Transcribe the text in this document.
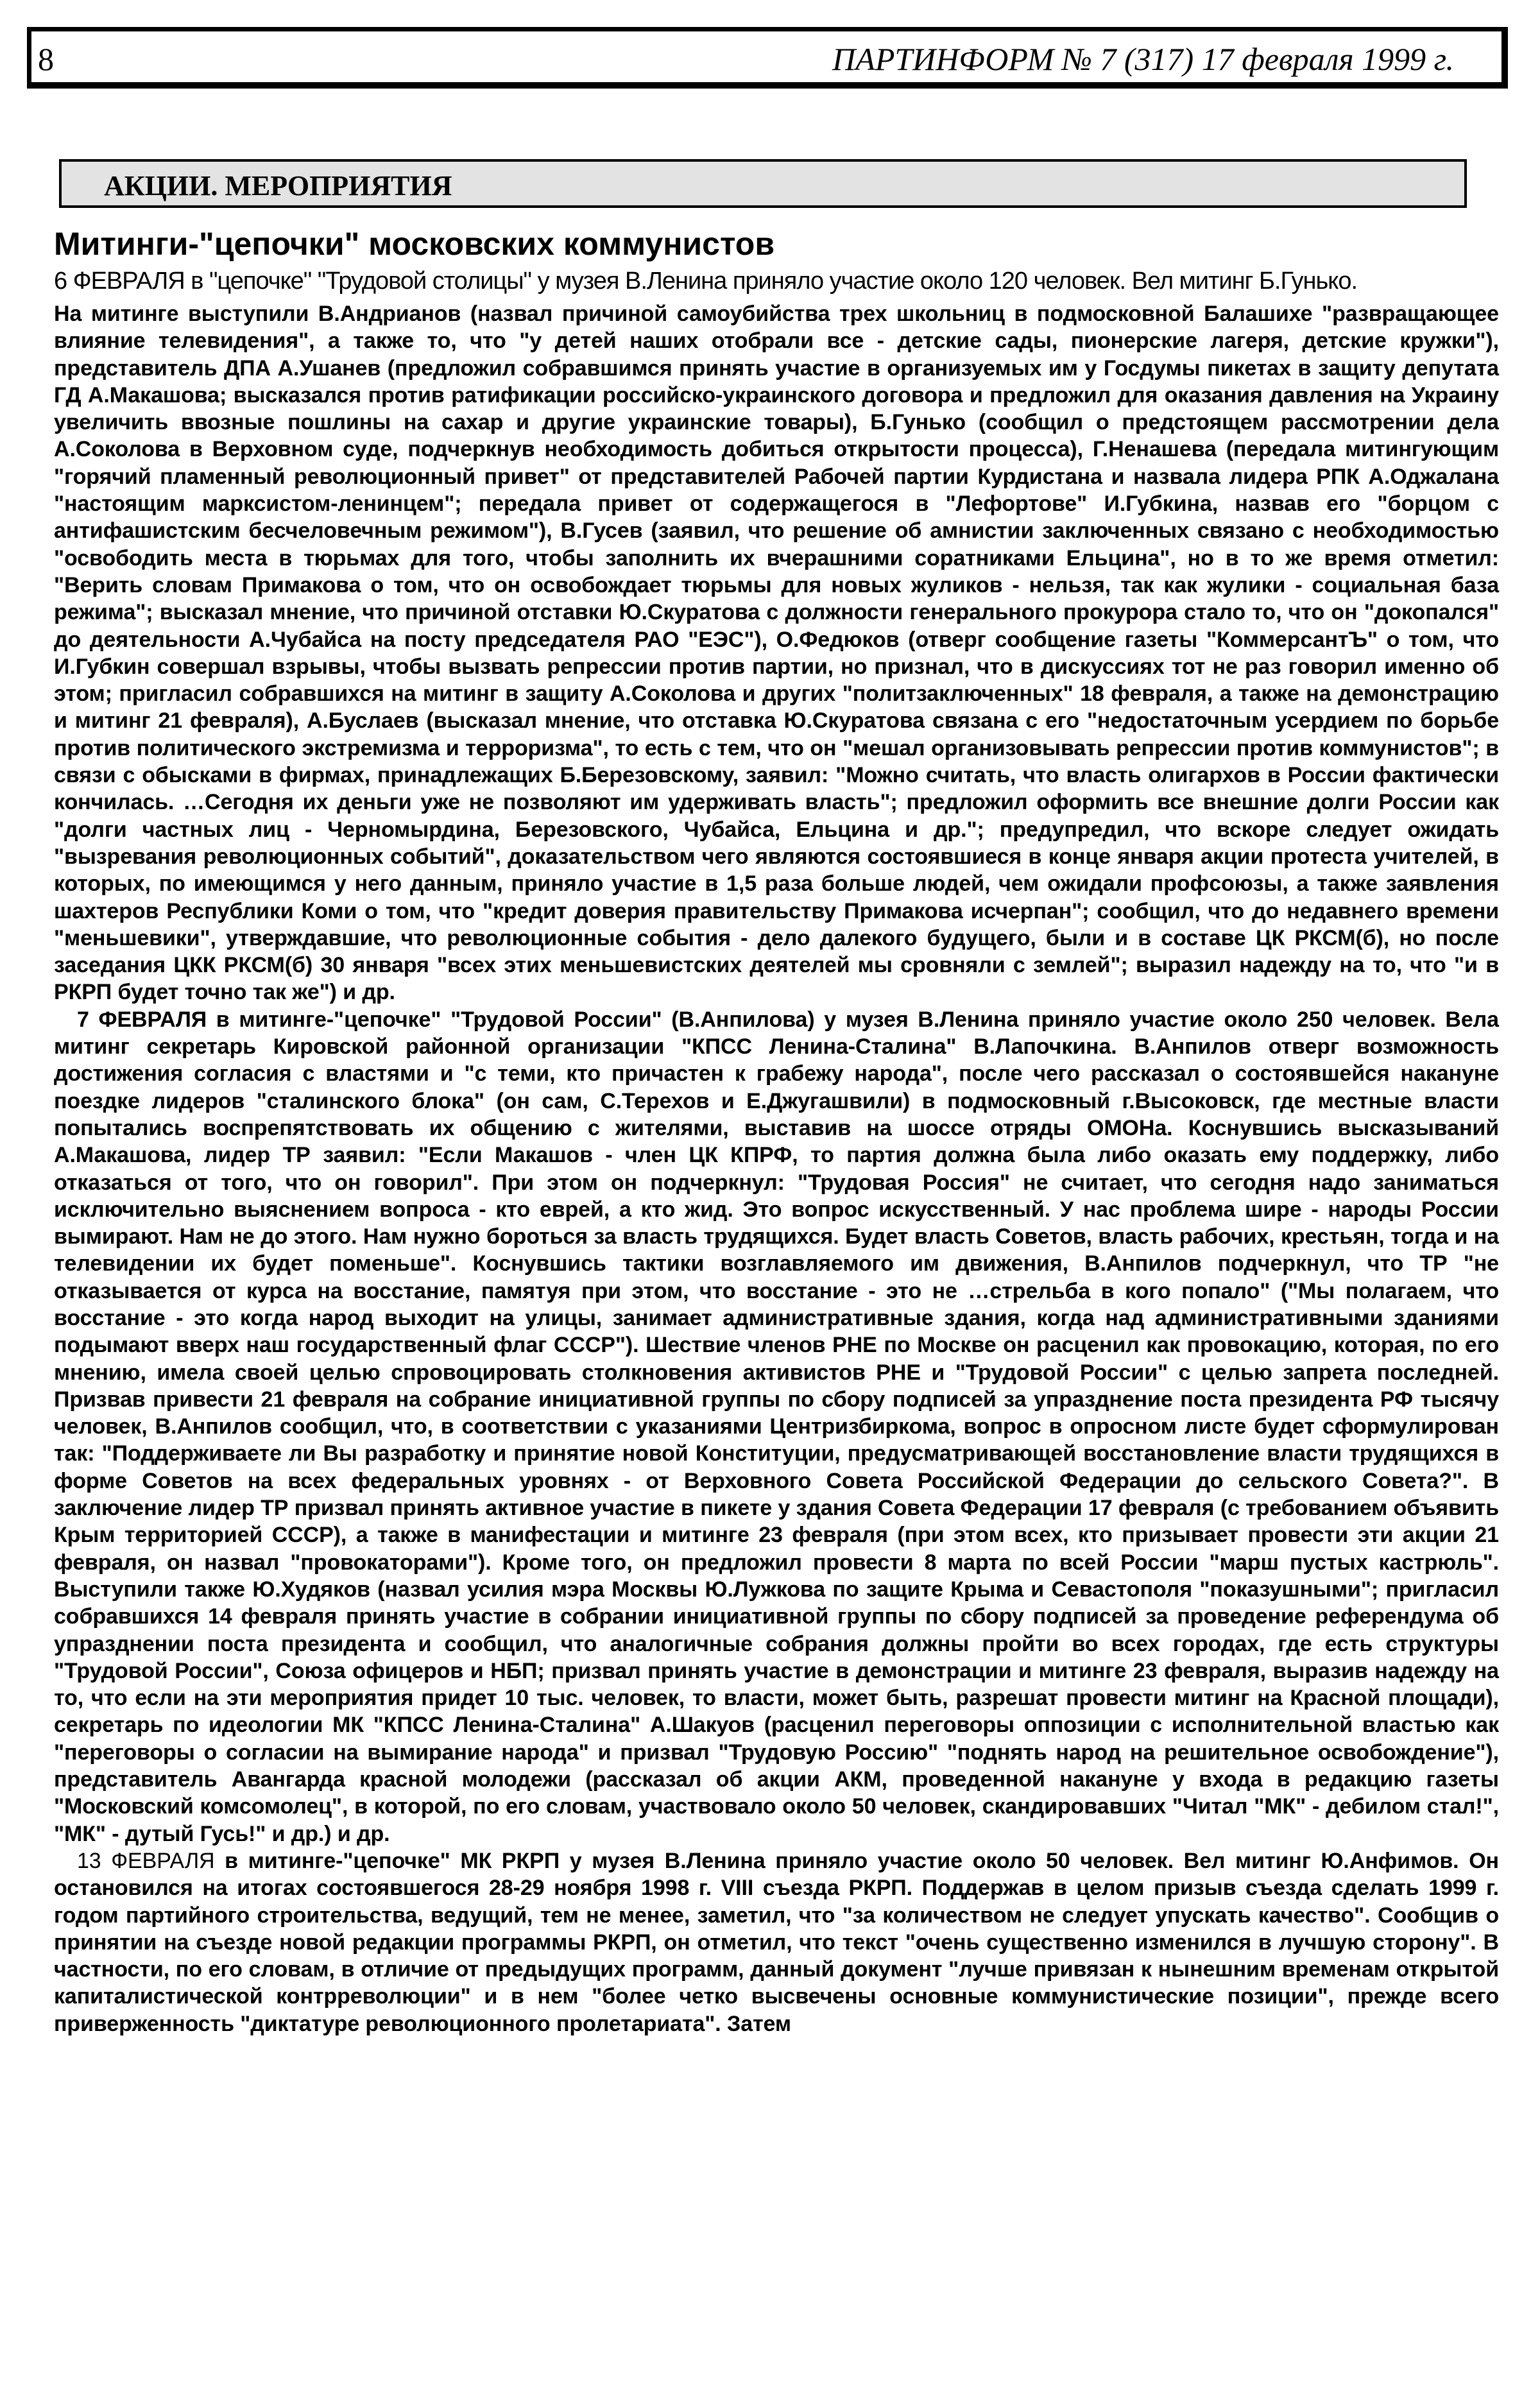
8	ПАРТИНФОРМ № 7 (317) 17 февраля 1999 г.
АКЦИИ. МЕРОПРИЯТИЯ
Митинги-"цепочки" московских коммунистов

6 ФЕВРАЛЯ в "цепочке" "Трудовой столицы" у музея В.Ленина приняло участие около 120 человек. Вел митинг Б.Гунько.

На митинге выступили В.Андрианов (назвал причиной самоубийства трех школьниц в подмосковной Балашихе "развращающее влияние телевидения", а также то, что "у детей наших отобрали все - детские сады, пионерские лагеря, детские кружки"), представитель ДПА А.Ушанев (предложил собравшимся принять участие в организуемых им у Госдумы пикетах в защиту депутата ГД А.Макашова; высказался против ратификации российско-украинского договора и предложил для оказания давления на Украину увеличить ввозные пошлины на сахар и другие украинские товары), Б.Гунько (сообщил о предстоящем рассмотрении дела А.Соколова в Верховном суде, подчеркнув необходимость добиться открытости процесса), Г.Ненашева (передала митингующим "горячий пламенный революционный привет" от представителей Рабочей партии Курдистана и назвала лидера РПК А.Оджалана "настоящим марксистом-ленинцем"; передала привет от содержащегося в "Лефортове" И.Губкина, назвав его "борцом с антифашистским бесчеловечным режимом"), В.Гусев (заявил, что решение об амнистии заключенных связано с необходимостью "освободить места в тюрьмах для того, чтобы заполнить их вчерашними соратниками Ельцина", но в то же время отметил: "Верить словам Примакова о том, что он освобождает тюрьмы для новых жуликов - нельзя, так как жулики - социальная база режима"; высказал мнение, что причиной отставки Ю.Скуратова с должности генерального прокурора стало то, что он "докопался" до деятельности А.Чубайса на посту председателя РАО "ЕЭС"), О.Федюков (отверг сообщение газеты "КоммерсантЪ" о том, что И.Губкин совершал взрывы, чтобы вызвать репрессии против партии, но признал, что в дискуссиях тот не раз говорил именно об этом; пригласил собравшихся на митинг в защиту А.Соколова и других "политзаключенных" 18 февраля, а также на демонстрацию и митинг 21 февраля), А.Буслаев (высказал мнение, что отставка Ю.Скуратова связана с его "недостаточным усердием по борьбе против политического экстремизма и терроризма", то есть с тем, что он "мешал организовывать репрессии против коммунистов"; в связи с обысками в фирмах, принадлежащих Б.Березовскому, заявил: "Можно считать, что власть олигархов в России фактически кончилась. …Сегодня их деньги уже не позволяют им удерживать власть"; предложил оформить все внешние долги России как "долги частных лиц - Черномырдина, Березовского, Чубайса, Ельцина и др."; предупредил, что вскоре следует ожидать "вызревания революционных событий", доказательством чего являются состоявшиеся в конце января акции протеста учителей, в которых, по имеющимся у него данным, приняло участие в 1,5 раза больше людей, чем ожидали профсоюзы, а также заявления шахтеров Республики Коми о том, что "кредит доверия правительству Примакова исчерпан"; сообщил, что до недавнего времени "меньшевики", утверждавшие, что революционные события - дело далекого будущего, были и в составе ЦК РКСМ(б), но после заседания ЦКК РКСМ(б) 30 января "всех этих меньшевистских деятелей мы сровняли с землей"; выразил надежду на то, что "и в РКРП будет точно так же") и др.

7 ФЕВРАЛЯ в митинге-"цепочке" "Трудовой России" (В.Анпилова) у музея В.Ленина приняло участие около 250 человек. Вела митинг секретарь Кировской районной организации "КПСС Ленина-Сталина" В.Лапочкина. В.Анпилов отверг возможность достижения согласия с властями и "с теми, кто причастен к грабежу народа", после чего рассказал о состоявшейся накануне поездке лидеров "сталинского блока" (он сам, С.Терехов и Е.Джугашвили) в подмосковный г.Высоковск, где местные власти попытались воспрепятствовать их общению с жителями, выставив на шоссе отряды ОМОНа. Коснувшись высказываний А.Макашова, лидер ТР заявил: "Если Макашов - член ЦК КПРФ, то партия должна была либо оказать ему поддержку, либо отказаться от того, что он говорил". При этом он подчеркнул: "Трудовая Россия" не считает, что сегодня надо заниматься исключительно выяснением вопроса - кто еврей, а кто жид. Это вопрос искусственный. У нас проблема шире - народы России вымирают. Нам не до этого. Нам нужно бороться за власть трудящихся. Будет власть Советов, власть рабочих, крестьян, тогда и на телевидении их будет поменьше". Коснувшись тактики возглавляемого им движения, В.Анпилов подчеркнул, что ТР "не отказывается от курса на восстание, памятуя при этом, что восстание - это не …стрельба в кого попало" ("Мы полагаем, что восстание - это когда народ выходит на улицы, занимает административные здания, когда над административными зданиями подымают вверх наш государственный флаг СССР"). Шествие членов РНЕ по Москве он расценил как провокацию, которая, по его мнению, имела своей целью спровоцировать столкновения активистов РНЕ и "Трудовой России" с целью запрета последней. Призвав привести 21 февраля на собрание инициативной группы по сбору подписей за упразднение поста президента РФ тысячу человек, В.Анпилов сообщил, что, в соответствии с указаниями Центризбиркома, вопрос в опросном листе будет сформулирован так: "Поддерживаете ли Вы разработку и принятие новой Конституции, предусматривающей восстановление власти трудящихся в форме Советов на всех федеральных уровнях - от Верховного Совета Российской Федерации до сельского Совета?". В заключение лидер ТР призвал принять активное участие в пикете у здания Совета Федерации 17 февраля (с требованием объявить Крым территорией СССР), а также в манифестации и митинге 23 февраля (при этом всех, кто призывает провести эти акции 21 февраля, он назвал "провокаторами"). Кроме того, он предложил провести 8 марта по всей России "марш пустых кастрюль". Выступили также Ю.Худяков (назвал усилия мэра Москвы Ю.Лужкова по защите Крыма и Севастополя "показушными"; пригласил собравшихся 14 февраля принять участие в собрании инициативной группы по сбору подписей за проведение референдума об упразднении поста президента и сообщил, что аналогичные собрания должны пройти во всех городах, где есть структуры "Трудовой России", Союза офицеров и НБП; призвал принять участие в демонстрации и митинге 23 февраля, выразив надежду на то, что если на эти мероприятия придет 10 тыс. человек, то власти, может быть, разрешат провести митинг на Красной площади), секретарь по идеологии МК "КПСС Ленина-Сталина" А.Шакуов (расценил переговоры оппозиции с исполнительной властью как "переговоры о согласии на вымирание народа" и призвал "Трудовую Россию" "поднять народ на решительное освобождение"), представитель Авангарда красной молодежи (рассказал об акции АКМ, проведенной накануне у входа в редакцию газеты "Московский комсомолец", в которой, по его словам, участвовало около 50 человек, скандировавших "Читал "МК" - дебилом стал!", "МК" - дутый Гусь!" и др.) и др.

13 ФЕВРАЛЯ в митинге-"цепочке" МК РКРП у музея В.Ленина приняло участие около 50 человек. Вел митинг Ю.Анфимов. Он остановился на итогах состоявшегося 28-29 ноября 1998 г. VIII съезда РКРП. Поддержав в целом призыв съезда сделать 1999 г. годом партийного строительства, ведущий, тем не менее, заметил, что "за количеством не следует упускать качество". Сообщив о принятии на съезде новой редакции программы РКРП, он отметил, что текст "очень существенно изменился в лучшую сторону". В частности, по его словам, в отличие от предыдущих программ, данный документ "лучше привязан к нынешним временам открытой капиталистической контрреволюции" и в нем "более четко высвечены основные коммунистические позиции", прежде всего приверженность "диктатуре революционного пролетариата". Затем
